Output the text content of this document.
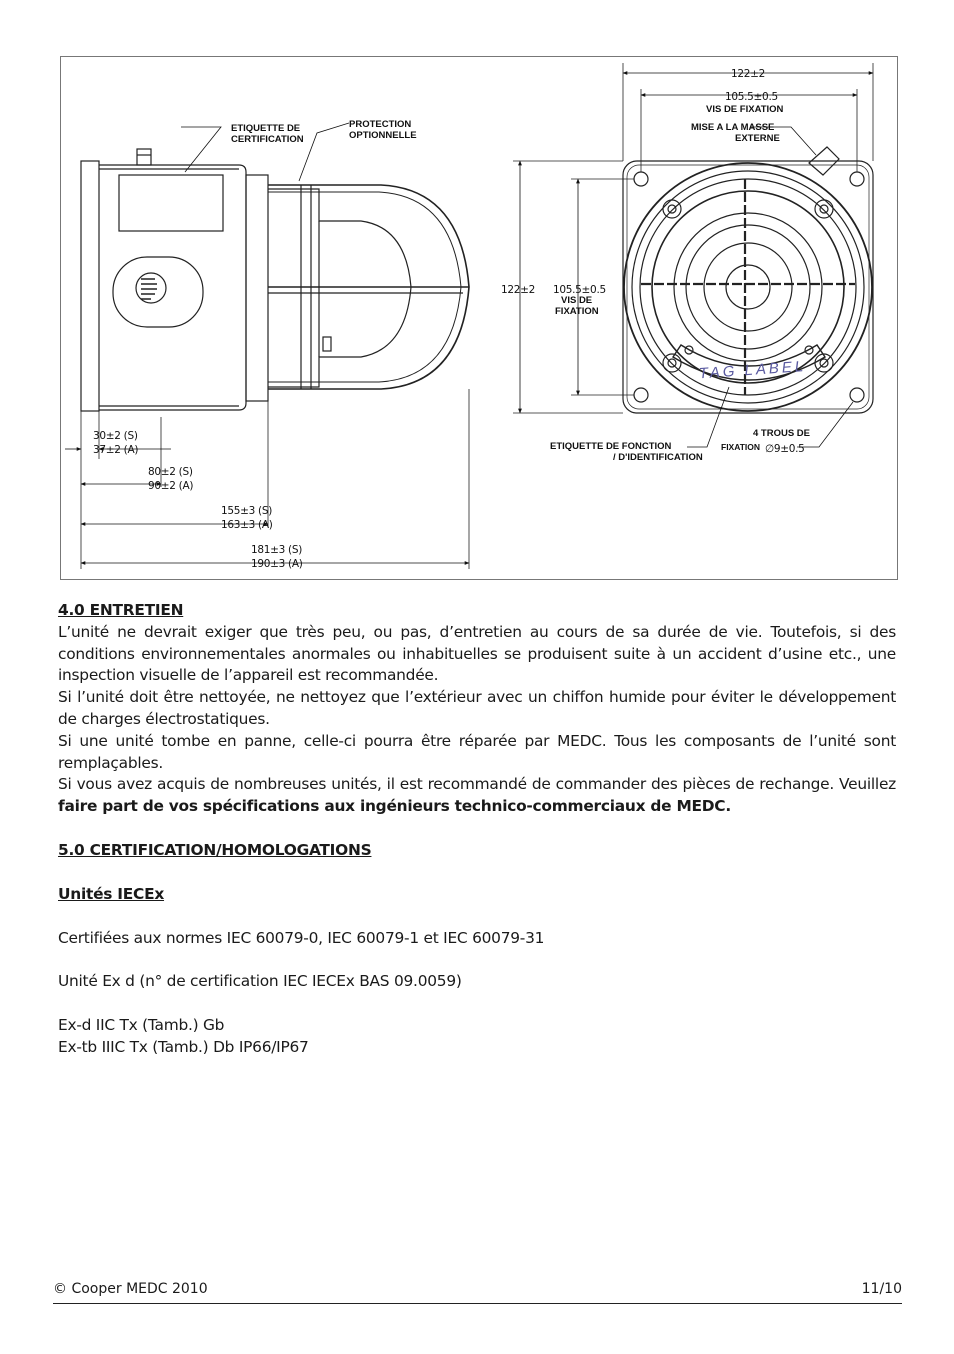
ETIQUETTE DE
CERTIFICATION
PROTECTION
OPTIONNELLE
30±2 (S)
37±2 (A)
80±2 (S)
90±2 (A)
155±3 (S)
163±3 (A)
181±3 (S)
190±3 (A)
122±2
105.5±0.5
VIS DE FIXATION
MISE A LA MASSE
EXTERNE
122±2 105.5±0.5
VIS DE
FIXATION
ETIQUETTE DE FONCTION
/ D'IDENTIFICATION
4 TROUS DE
FIXATION ∅9±0.5
TAG LABEL

4.0 ENTRETIEN

L’unité ne devrait exiger que très peu, ou pas, d’entretien au cours de sa durée de vie. Toutefois, si des conditions environnementales anormales ou inhabituelles se produisent suite à un accident d’usine etc., une inspection visuelle de l’appareil est recommandée.

Si l’unité doit être nettoyée, ne nettoyez que l’extérieur avec un chiffon humide pour éviter le développement de charges électrostatiques.

Si une unité tombe en panne, celle-ci pourra être réparée par MEDC. Tous les composants de l’unité sont remplaçables.

Si vous avez acquis de nombreuses unités, il est recommandé de commander des pièces de rechange. Veuillez faire part de vos spécifications aux ingénieurs technico-commerciaux de MEDC.

5.0 CERTIFICATION/HOMOLOGATIONS

Unités IECEx

Certifiées aux normes IEC 60079-0, IEC 60079-1 et IEC 60079-31

Unité Ex d (n° de certification IEC IECEx BAS 09.0059)

Ex-d IIC Tx (Tamb.) Gb

Ex-tb IIIC Tx (Tamb.) Db IP66/IP67

© Cooper MEDC 2010	11/10
